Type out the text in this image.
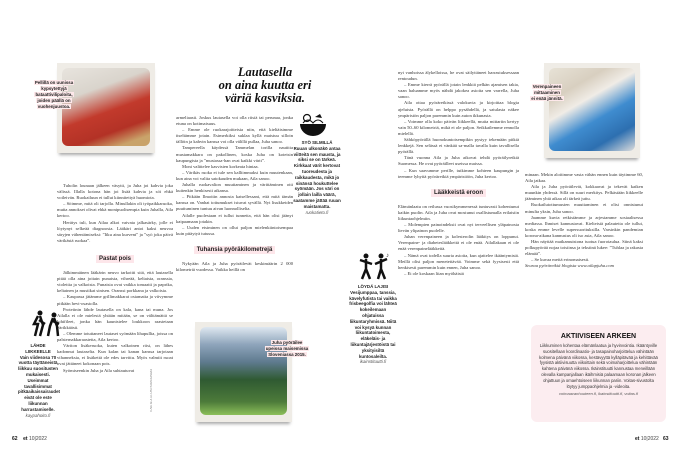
Pellillä on uunissa
kypsytettyjä
bataattivilipaloita,
joiden päällä on
vuohenjuustoa.
Lautasella
on aina kuutta eri
väriä kasviksia.

Tuholin lounaan jälkeen väsytti, ja Juha joi kahvia joka välissä. Illalla kotona hän joi lisää kahvia ja söi ehkä voileivän. Ruokailuun ei tullut kiinnitettyä huomiota.

– Söimme, mitä oli tarjolla. Minullakin oli työpaikkaruoka, mutta annokset olivat ehkä monipuolisempia kuin Juhalla, Aila kertoo.

Herätys tuli, kun Ailaa alkoi vaivata jalkasärky, jolle ei löytynyt selkeää diagnoosia. Lääkäri antoi kaksi neuvoa säryjen vähentämiseksi: ”Iiku aina kurvent” ja ”syö joka päivä värikästä ruokaa”.

Pastat pois

Jälkimmäinen lääkärin neuvo tarkoitti sitä, että lautasella pitää olla aina joitain punaista, vihreää, keltaista, oranssia, violettia ja valkoista. Punaisia ovat vaikka tomaatti ja paprika, keltainen ja mustikat sinisen. Oranssi porkkana ja valkoisia.

– Kaupassa jätämme grillimakkarat ostamatta ja viivymme pitkään hevi-osastolla.

Proteiinin lähde lautasella on kala, kana tai muna. Jos Ailalla ei ole mielestä yhtään mitään, se on välttämättä se lohifileet, jonka hän kaunistelee loukkoon raastetaan värikkäästi.

– Olemme totuttaneet lautaset syömään lihapullia, joissa on palsternakkaraastetta, Aila kertoo.

Väriton lisäkeruoka, kuten valkoinen riisi, on lähes kadonnut lautaselta. Kun kalan tai kanan kanssa tarjotaan vihanneksia, ei lisäkettä ole edes tarvittu. Myös valmiit ruoat ovat jättäneet kokonaan pois.

Syömiseenkin Juha ja Aila suhtautuvat

armeliaasti. Joskus lautasella voi olla riisiä tai perunaa, jonka etuna on kotimaisuus.

– Emme ole ruokarajoitteisia niin, että kieltäisimme itseltämme jotain. Esimerkiksi suklaa kyllä maistuu silloin tällöin ja kahvin kanssa voi olla välillä pullaa, Juha sanoo.

Tampereella käydessä Tammelan torilla nautitta mustamakkara on pakollinen, koska Juha on koteisin kaupungista ja ”mustassa-han ovat kaikki värit”.

Moni valittelee kasvisten korkeata hintaa.

– Värikäs ruoka ei tule sen kalliimmaksi kuin muutenkaan, kun aina voi valita satokauden mukaan, Aila sanoo.

Juhalla ruokavalion muuttaminen ja värittäminen otti kuitenkin henkisesti aikansa.

– Pitkään Ilmoitin annosta katsellessani, että mitä tämän kanssa on. Vanhat tottumukset istuvat syvällä. Nyt lisukkeiden puuttuminen tuntuu aivan luonnolliselta.

Ailalle puolestaan ei tullut tunnetta, että hän olisi jäänyt kaipaamaan jotakin.

– Uuden etsiminen on ollut paljon mielenkiintoisempaa kuin pitäytyä tutussa.

Tuhansia pyöräkilometrejä

Nykyään Aila ja Juha pyöräilevät keskimäärin 2 000 kilometriä vuodessa. Vaikka heillä on

Juha pyöräilee
upeissa maisemissa
Sloveniassa 2015.
KUVA: AILA JA JUHA HAAPAKANGAS
SYÖ SILMILLÄ
Ruuan ulkonäkö antaa viitteitä sen mausta, ja siksi se on tärkeä. Kirkkaat värit kertovat tuoreudesta ja raikkaudesta, mikä jo sinänsä houkuttelee syömään. Jos väri on jollain lailla väärä, saatamme jättää ruuan maistamatta.
ruokatieto.fi
LÄHDE LIIKKEELLE
Vain viidesosa 70 vuotta täyttäneistä liikkuu suositusten mukaisesti. Useimmat tavallisimmat pitkäaikaissairaudet eivät ole este liikunnan harrastamiselle.
kaypahoito.fi
62 et 10|2022

nyt vanhoissa älykelloissa, he ovat säilyttäneet harrastuksessaan rentoudun.

– Emme kierrä pyörällä jotain lenkkiä pelkän ajamisen takia, vaan haluamme myös nähdä jakokea asioita sen varrella, Juha sanoo.

Aila ottaa pyöräretkissä valokuvia ja kirjoittaa blogia ajeluista. Pyörällä on helppo pysähdellä, ja satulasta näkee ympäristön paljon paremmin kuin auton ikkunasta.

– Voimme olla koko päivän liikkeellä, mutta mittariin kertyy vain 50–60 kilometriä, mikä ei ole paljon. Seikkailemme rennolla mielellä.

Sähköpyörällä huonokuntoisempikin pystyy tekemään pitkiä lenkkejä. Sen selässä ei vänkää sa-malla tavalla kuin tavallisella pyörällä.

Tänä vuonna Aila ja Juha aikovat tehdä pyöräilyretkiä Suomessa. He ovat pyöräilleet useissa maissa.

– Kun saavumme perille, tutkimme kohteen kaupungin ja teemme lyhyitä pyöräretkiä ympäristöön, Juha kertoo.

Lääkkeistä eroon

Elämänlaatu on reilussa vuosikymmenessä tuntuvasti kohentunut kaikin puolin. Aila ja Juha ovat mostunut osallistumalla erilaisiin liikuntaohjelmiin.

– Molempien painoindeksit ovat nyt terveellisen yläpainosta lievän ylipainon puolelle.

Juhan verenpaineen ja kolesterolin lääkitys on loppunut. Verenpaine- ja diabeteslääkkeitä ei ole enää. Ailallakaan ei ole enää verenpainelääkkeitä.

– Nämä ovat todella suuria asioita, kun ajattelee ikääntymistä. Meillä olisi paljon menetettävää. Voimme sekä fyysisesti että henkisesti paremmin kuin ennen, Juha sanoo.

– Ei ole koskaan liian myöhäistä

♪
LÖYDÄ LAJISI
Vesijumppaa, tanssia, kävelyfutista tai vaikka frisbeegolfia voi lähteä kokeilemaan ohjatuissa liikuntaryhmissä. Niitä voi kysyä kunnan liikuntatoimesta, eläkeläis- ja liikuntajärjestöistä tai yksityisiltä kuntosaleilta.
ikainstituutti.fi
Verenpaineen
mittaaminen
ei enää jännitä.

minaan. Mekin aloitimme vasta vähän ennen kuin täytimme 60, Aila jatkaa.

Aila ja Juha pyöräilevät, kokkaavat ja tekevät kaiken muunkin yhdessä. Sillä on suuri merkitys. Pelkästään liikkeelle jääminen yhtä aikaa oli tärkeä juttu.

Ruokailutottumusten muuttaminen ei olisi onnistunut minulta yksin, Juha sanoo.

Jaamme kuvia retkistämme ja arjestamme sosiaalisessa mediassa. Ihmiset kannustavat. Kielteisiä palautetta ole tullut, koska emme levelle supersuorituksilla. Varsinkin pandemian korona-aikana kannustus oli iso asia, Aila sanoo.

Hän näyttää matkamuistona tuotua fuorotaulua. Siinä kaksi polkupyörää nojaa toisiinsa ja tekstinä lukee: ”Tuhlaa ja rakasta elämää”.

– Se kuvaa meitä erinomaisesti.

Seuraa pyöräretkiä blogista www.ailapjuha.com

AKTIIVISEEN ARKEEN
Liikkuminen kohentaa elämänlaatua ja hyvinvointia. Ikääntyville suositellaan koordinaatio- ja tasapainoharjoittelua vähintään kolmena päivänä viikossa, kestävyyttä kylläpitävää ja kehittävää fyysistä aktiivisuutta viikoittain sekä voimaharjoittelua vähintään kahtena päivänä viikossa. Ikäinstituutti kannustaa meneillään olevalla kampanjallaan ikäihmisiä palaamaan koronan jälkeen ohjattuun ja omaehtoiseen liikunnan pariin. Voitas-sivustolta löytyy jumppaohjelmia ja -videoita.
voimaavanhuuteen.fi, ikainstituutti.fi, voitas.fi
et 10|2022 63
